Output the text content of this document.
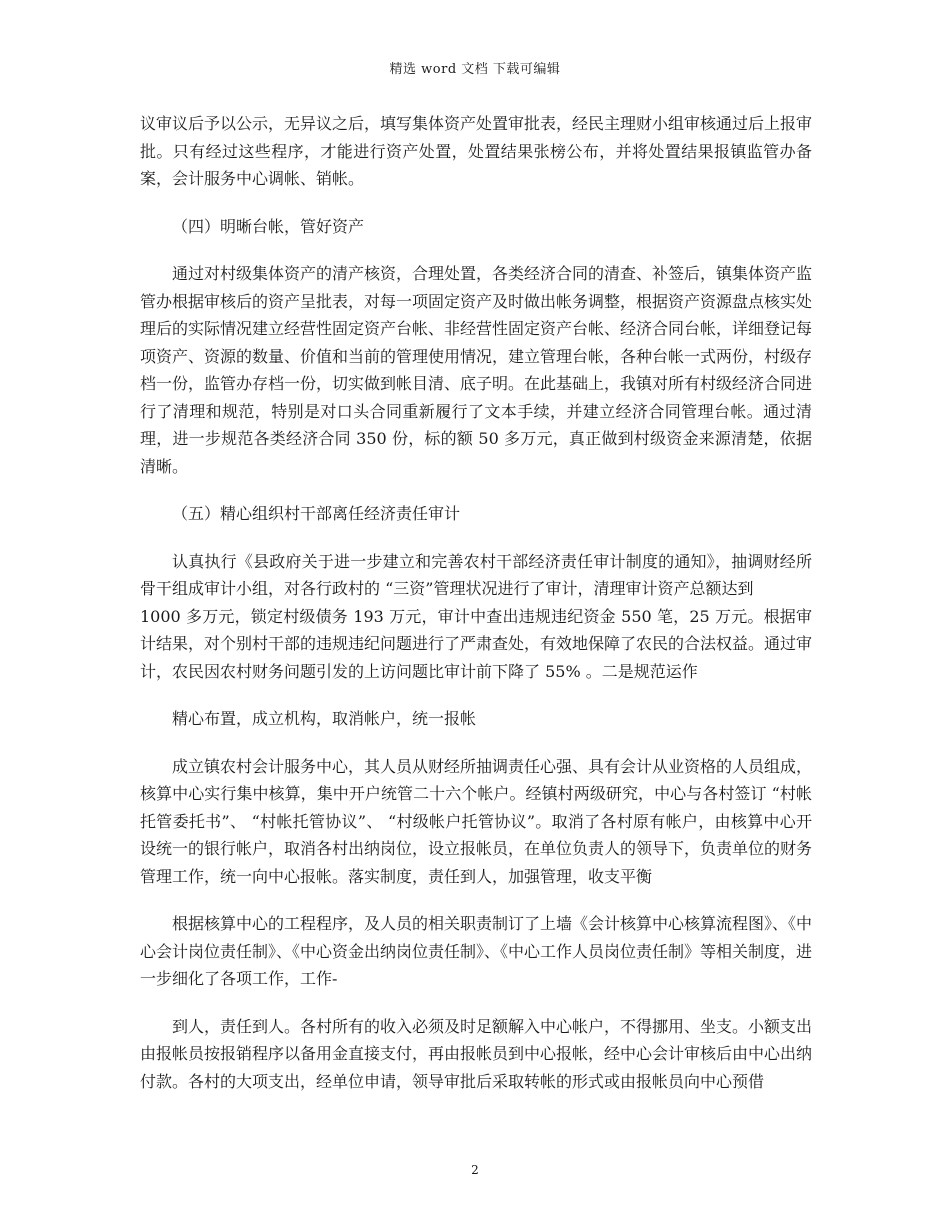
精选 word 文档 下载可编辑

议审议后予以公示，无异议之后，填写集体资产处置审批表，经民主理财小组审核通过后上报审批。只有经过这些程序，才能进行资产处置，处置结果张榜公布，并将处置结果报镇监管办备案，会计服务中心调帐、销帐。

（四）明晰台帐，管好资产

通过对村级集体资产的清产核资，合理处置，各类经济合同的清查、补签后，镇集体资产监管办根据审核后的资产呈批表，对每一项固定资产及时做出帐务调整，根据资产资源盘点核实处理后的实际情况建立经营性固定资产台帐、非经营性固定资产台帐、经济合同台帐，详细登记每项资产、资源的数量、价值和当前的管理使用情况，建立管理台帐，各种台帐一式两份，村级存档一份，监管办存档一份，切实做到帐目清、底子明。在此基础上，我镇对所有村级经济合同进行了清理和规范，特别是对口头合同重新履行了文本手续，并建立经济合同管理台帐。通过清理，进一步规范各类经济合同 350 份，标的额 50 多万元，真正做到村级资金来源清楚，依据清晰。

（五）精心组织村干部离任经济责任审计

认真执行《县政府关于进一步建立和完善农村干部经济责任审计制度的通知》，抽调财经所骨干组成审计小组，对各行政村的 “三资”管理状况进行了审计，清理审计资产总额达到

1000 多万元，锁定村级债务 193 万元，审计中查出违规违纪资金 550 笔，25 万元。根据审计结果，对个别村干部的违规违纪问题进行了严肃查处，有效地保障了农民的合法权益。通过审计，农民因农村财务问题引发的上访问题比审计前下降了 55% 。二是规范运作

精心布置，成立机构，取消帐户，统一报帐

成立镇农村会计服务中心，其人员从财经所抽调责任心强、具有会计从业资格的人员组成，核算中心实行集中核算，集中开户统管二十六个帐户。经镇村两级研究，中心与各村签订 “村帐托管委托书”、 “村帐托管协议”、 “村级帐户托管协议”。取消了各村原有帐户，由核算中心开设统一的银行帐户，取消各村出纳岗位，设立报帐员，在单位负责人的领导下，负责单位的财务管理工作，统一向中心报帐。落实制度，责任到人，加强管理，收支平衡

根据核算中心的工程程序，及人员的相关职责制订了上墙《会计核算中心核算流程图》、《中心会计岗位责任制》、《中心资金出纳岗位责任制》、《中心工作人员岗位责任制》等相关制度，进一步细化了各项工作，工作-

到人，责任到人。各村所有的收入必须及时足额解入中心帐户，不得挪用、坐支。小额支出由报帐员按报销程序以备用金直接支付，再由报帐员到中心报帐，经中心会计审核后由中心出纳付款。各村的大项支出，经单位申请，领导审批后采取转帐的形式或由报帐员向中心预借

2
